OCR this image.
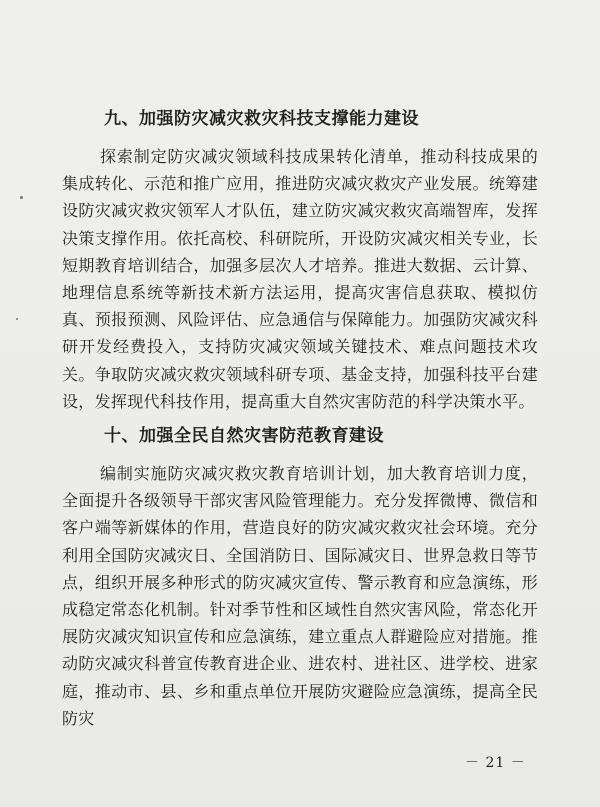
九、加强防灾减灾救灾科技支撑能力建设

探索制定防灾减灾领域科技成果转化清单，推动科技成果的集成转化、示范和推广应用，推进防灾减灾救灾产业发展。统筹建设防灾减灾救灾领军人才队伍，建立防灾减灾救灾高端智库，发挥决策支撑作用。依托高校、科研院所，开设防灾减灾相关专业，长短期教育培训结合，加强多层次人才培养。推进大数据、云计算、地理信息系统等新技术新方法运用，提高灾害信息获取、模拟仿真、预报预测、风险评估、应急通信与保障能力。加强防灾减灾科研开发经费投入，支持防灾减灾领域关键技术、难点问题技术攻关。争取防灾减灾救灾领域科研专项、基金支持，加强科技平台建设，发挥现代科技作用，提高重大自然灾害防范的科学决策水平。

十、加强全民自然灾害防范教育建设

编制实施防灾减灾救灾教育培训计划，加大教育培训力度，全面提升各级领导干部灾害风险管理能力。充分发挥微博、微信和客户端等新媒体的作用，营造良好的防灾减灾救灾社会环境。充分利用全国防灾减灾日、全国消防日、国际减灾日、世界急救日等节点，组织开展多种形式的防灾减灾宣传、警示教育和应急演练，形成稳定常态化机制。针对季节性和区域性自然灾害风险，常态化开展防灾减灾知识宣传和应急演练，建立重点人群避险应对措施。推动防灾减灾科普宣传教育进企业、进农村、进社区、进学校、进家庭，推动市、县、乡和重点单位开展防灾避险应急演练，提高全民防灾

－ 21 －
